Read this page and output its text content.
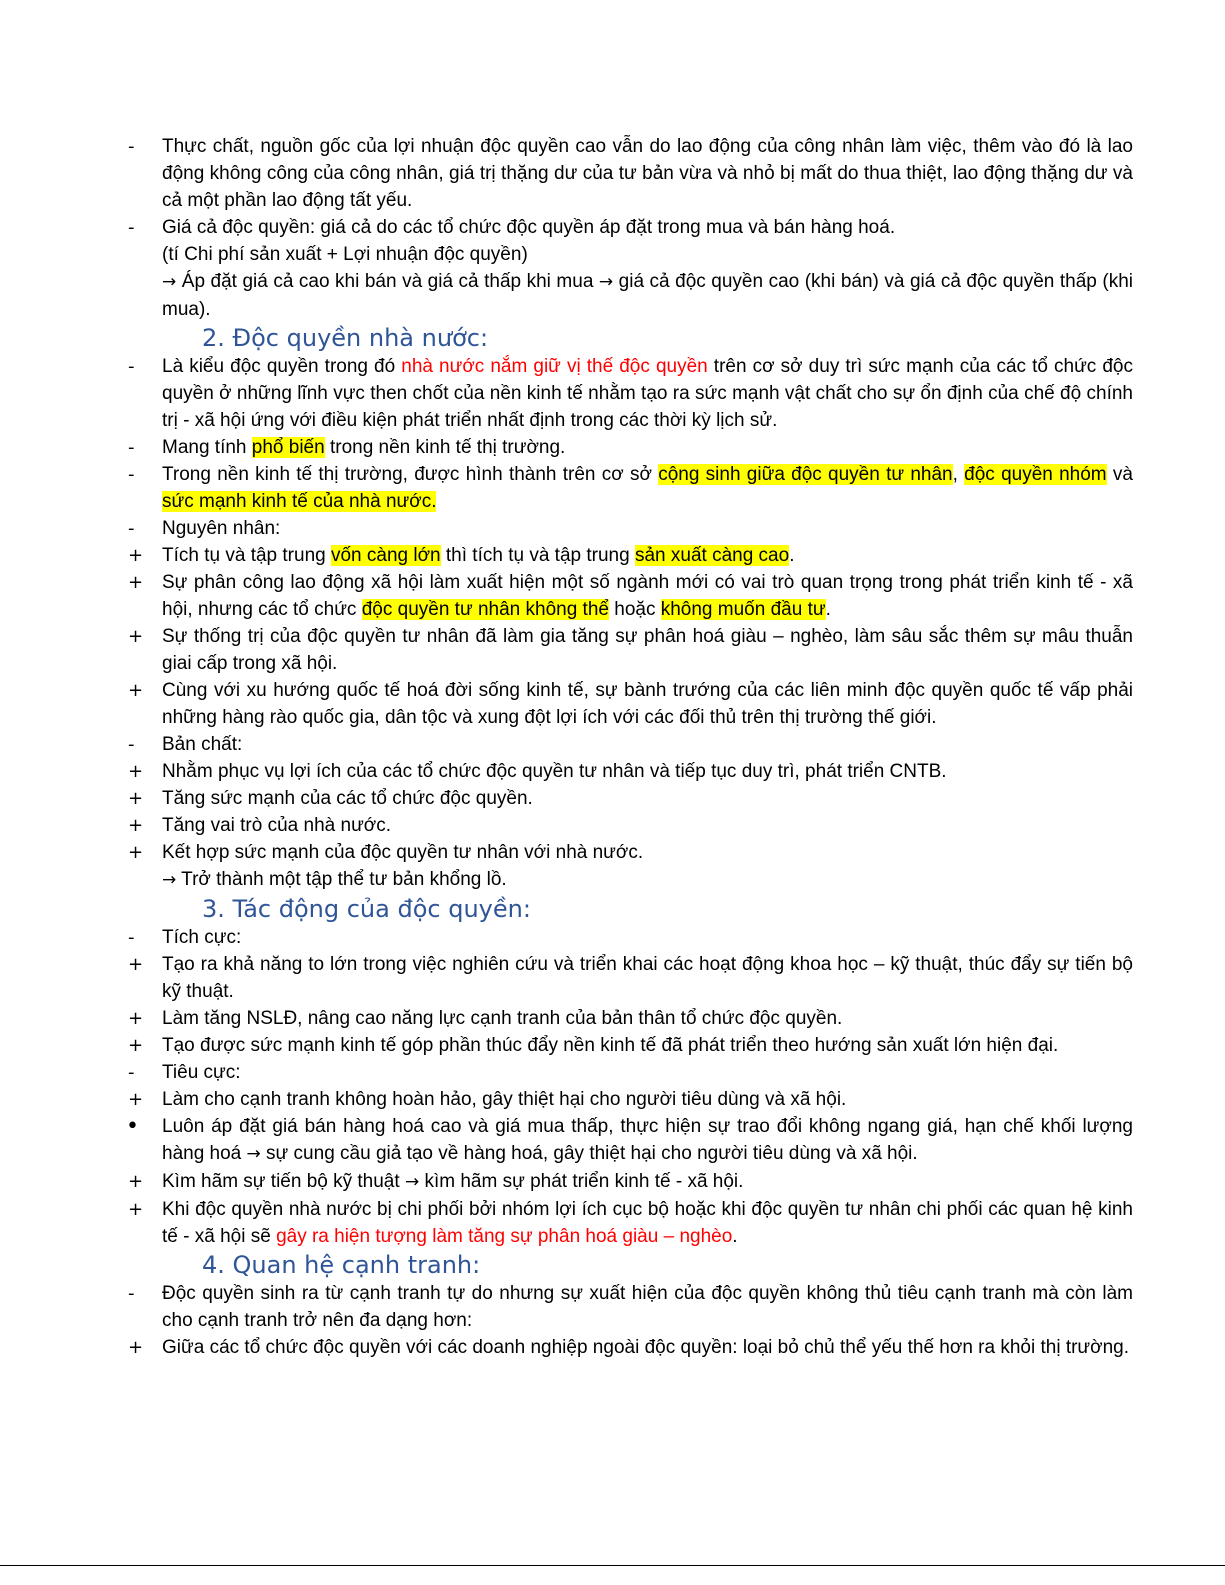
-	Thực chất, nguồn gốc của lợi nhuận độc quyền cao vẫn do lao động của công nhân làm việc, thêm vào đó là lao động không công của công nhân, giá trị thặng dư của tư bản vừa và nhỏ bị mất do thua thiệt, lao động thặng dư và cả một phần lao động tất yếu.
-	Giá cả độc quyền: giá cả do các tổ chức độc quyền áp đặt trong mua và bán hàng hoá.
(tí Chi phí sản xuất + Lợi nhuận độc quyền)
→ Áp đặt giá cả cao khi bán và giá cả thấp khi mua → giá cả độc quyền cao (khi bán) và giá cả độc quyền thấp (khi mua).
2. Độc quyền nhà nước:
-	Là kiểu độc quyền trong đó nhà nước nắm giữ vị thế độc quyền trên cơ sở duy trì sức mạnh của các tổ chức độc quyền ở những lĩnh vực then chốt của nền kinh tế nhằm tạo ra sức mạnh vật chất cho sự ổn định của chế độ chính trị - xã hội ứng với điều kiện phát triển nhất định trong các thời kỳ lịch sử.
-	Mang tính phổ biến trong nền kinh tế thị trường.
-	Trong nền kinh tế thị trường, được hình thành trên cơ sở cộng sinh giữa độc quyền tư nhân, độc quyền nhóm và sức mạnh kinh tế của nhà nước.
-	Nguyên nhân:
+ Tích tụ và tập trung vốn càng lớn thì tích tụ và tập trung sản xuất càng cao.
+ Sự phân công lao động xã hội làm xuất hiện một số ngành mới có vai trò quan trọng trong phát triển kinh tế - xã hội, nhưng các tổ chức độc quyền tư nhân không thể hoặc không muốn đầu tư.
+ Sự thống trị của độc quyền tư nhân đã làm gia tăng sự phân hoá giàu – nghèo, làm sâu sắc thêm sự mâu thuẫn giai cấp trong xã hội.
+ Cùng với xu hướng quốc tế hoá đời sống kinh tế, sự bành trướng của các liên minh độc quyền quốc tế vấp phải những hàng rào quốc gia, dân tộc và xung đột lợi ích với các đối thủ trên thị trường thế giới.
-	Bản chất:
+ Nhằm phục vụ lợi ích của các tổ chức độc quyền tư nhân và tiếp tục duy trì, phát triển CNTB.
+ Tăng sức mạnh của các tổ chức độc quyền.
+ Tăng vai trò của nhà nước.
+ Kết hợp sức mạnh của độc quyền tư nhân với nhà nước.
→ Trở thành một tập thể tư bản khổng lồ.
3. Tác động của độc quyền:
-	Tích cực:
+ Tạo ra khả năng to lớn trong việc nghiên cứu và triển khai các hoạt động khoa học – kỹ thuật, thúc đẩy sự tiến bộ kỹ thuật.
+ Làm tăng NSLĐ, nâng cao năng lực cạnh tranh của bản thân tổ chức độc quyền.
+ Tạo được sức mạnh kinh tế góp phần thúc đẩy nền kinh tế đã phát triển theo hướng sản xuất lớn hiện đại.
-	Tiêu cực:
+ Làm cho cạnh tranh không hoàn hảo, gây thiệt hại cho người tiêu dùng và xã hội.
•	Luôn áp đặt giá bán hàng hoá cao và giá mua thấp, thực hiện sự trao đổi không ngang giá, hạn chế khối lượng hàng hoá → sự cung cầu giả tạo về hàng hoá, gây thiệt hại cho người tiêu dùng và xã hội.
+ Kìm hãm sự tiến bộ kỹ thuật → kìm hãm sự phát triển kinh tế - xã hội.
+ Khi độc quyền nhà nước bị chi phối bởi nhóm lợi ích cục bộ hoặc khi độc quyền tư nhân chi phối các quan hệ kinh tế - xã hội sẽ gây ra hiện tượng làm tăng sự phân hoá giàu – nghèo.
4. Quan hệ cạnh tranh:
-	Độc quyền sinh ra từ cạnh tranh tự do nhưng sự xuất hiện của độc quyền không thủ tiêu cạnh tranh mà còn làm cho cạnh tranh trở nên đa dạng hơn:
+ Giữa các tổ chức độc quyền với các doanh nghiệp ngoài độc quyền: loại bỏ chủ thể yếu thế hơn ra khỏi thị trường.
